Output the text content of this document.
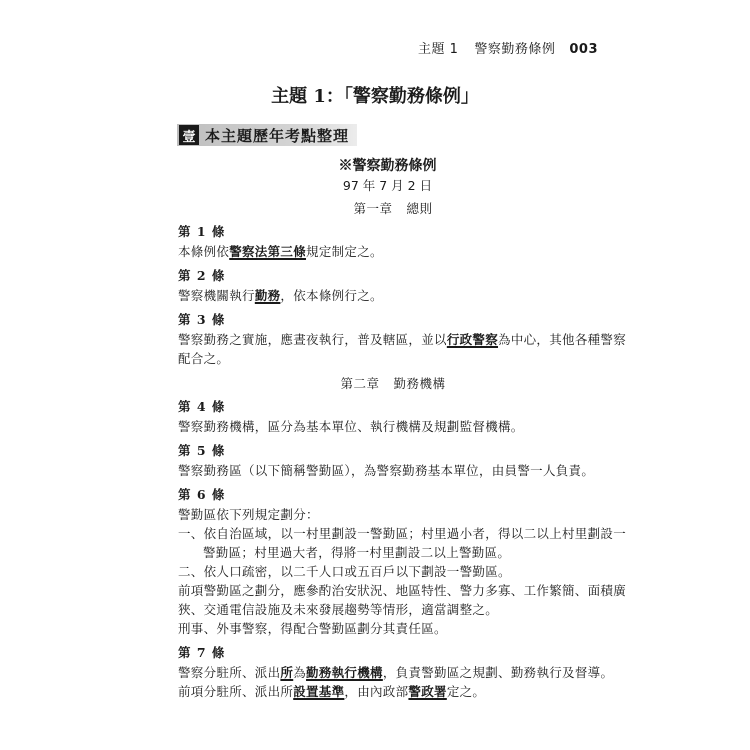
主題 1 警察勤務條例 003
主題 1：「警察勤務條例」
壹 本主題歷年考點整理
※警察勤務條例
97 年 7 月 2 日
第一章 總則
第 1 條
本條例依警察法第三條規定制定之。
第 2 條
警察機關執行勤務，依本條例行之。
第 3 條
警察勤務之實施，應晝夜執行，普及轄區，並以行政警察為中心，其他各種警察
配合之。
第二章 勤務機構
第 4 條
警察勤務機構，區分為基本單位、執行機構及規劃監督機構。
第 5 條
警察勤務區（以下簡稱警勤區），為警察勤務基本單位，由員警一人負責。
第 6 條
警勤區依下列規定劃分：
一、依自治區域，以一村里劃設一警勤區；村里過小者，得以二以上村里劃設一
警勤區；村里過大者，得將一村里劃設二以上警勤區。
二、依人口疏密，以二千人口或五百戶以下劃設一警勤區。
前項警勤區之劃分，應參酌治安狀況、地區特性、警力多寡、工作繁簡、面積廣
狹、交通電信設施及未來發展趨勢等情形，適當調整之。
刑事、外事警察，得配合警勤區劃分其責任區。
第 7 條
警察分駐所、派出所為勤務執行機構，負責警勤區之規劃、勤務執行及督導。
前項分駐所、派出所設置基準，由內政部警政署定之。
